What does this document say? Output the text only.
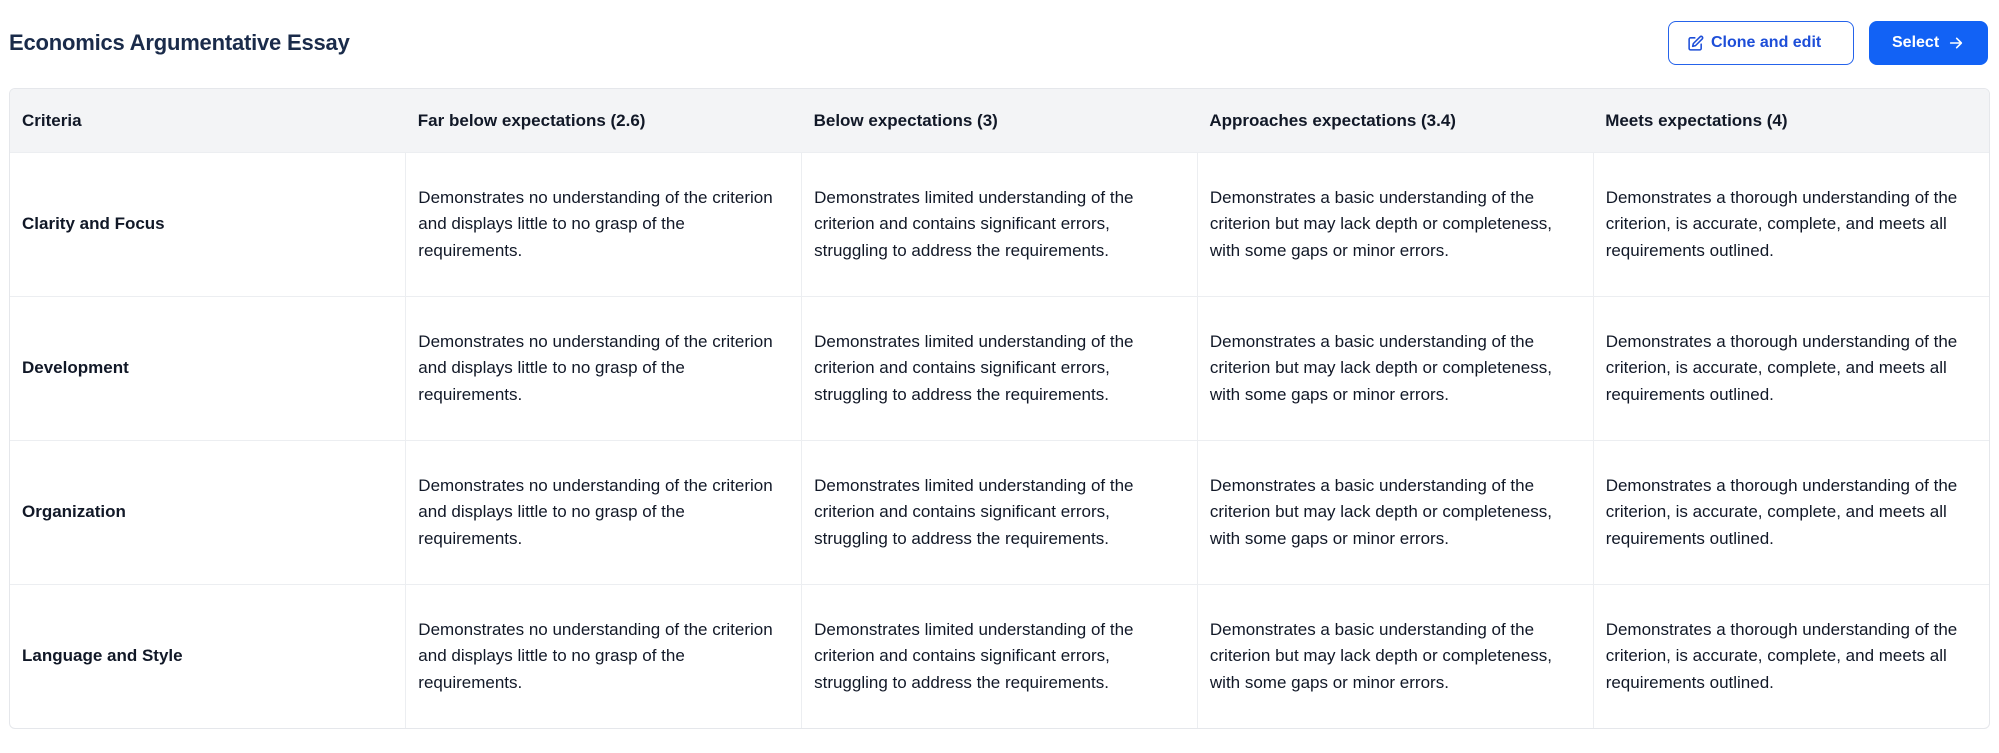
Economics Argumentative Essay	Clone and edit	Select
Criteria	Far below expectations (2.6)	Below expectations (3)	Approaches expectations (3.4)	Meets expectations (4)
Clarity and Focus	Demonstrates no understanding of the criterion and displays little to no grasp of the requirements.	Demonstrates limited understanding of the criterion and contains significant errors, struggling to address the requirements.	Demonstrates a basic understanding of the criterion but may lack depth or completeness, with some gaps or minor errors.	Demonstrates a thorough understanding of the criterion, is accurate, complete, and meets all requirements outlined.

Development	Demonstrates no understanding of the criterion and displays little to no grasp of the requirements.	Demonstrates limited understanding of the criterion and contains significant errors, struggling to address the requirements.	Demonstrates a basic understanding of the criterion but may lack depth or completeness, with some gaps or minor errors.	Demonstrates a thorough understanding of the criterion, is accurate, complete, and meets all requirements outlined.

Organization	Demonstrates no understanding of the criterion and displays little to no grasp of the requirements.	Demonstrates limited understanding of the criterion and contains significant errors, struggling to address the requirements.	Demonstrates a basic understanding of the criterion but may lack depth or completeness, with some gaps or minor errors.	Demonstrates a thorough understanding of the criterion, is accurate, complete, and meets all requirements outlined.

Language and Style	Demonstrates no understanding of the criterion and displays little to no grasp of the requirements.	Demonstrates limited understanding of the criterion and contains significant errors, struggling to address the requirements.	Demonstrates a basic understanding of the criterion but may lack depth or completeness, with some gaps or minor errors.	Demonstrates a thorough understanding of the criterion, is accurate, complete, and meets all requirements outlined.
